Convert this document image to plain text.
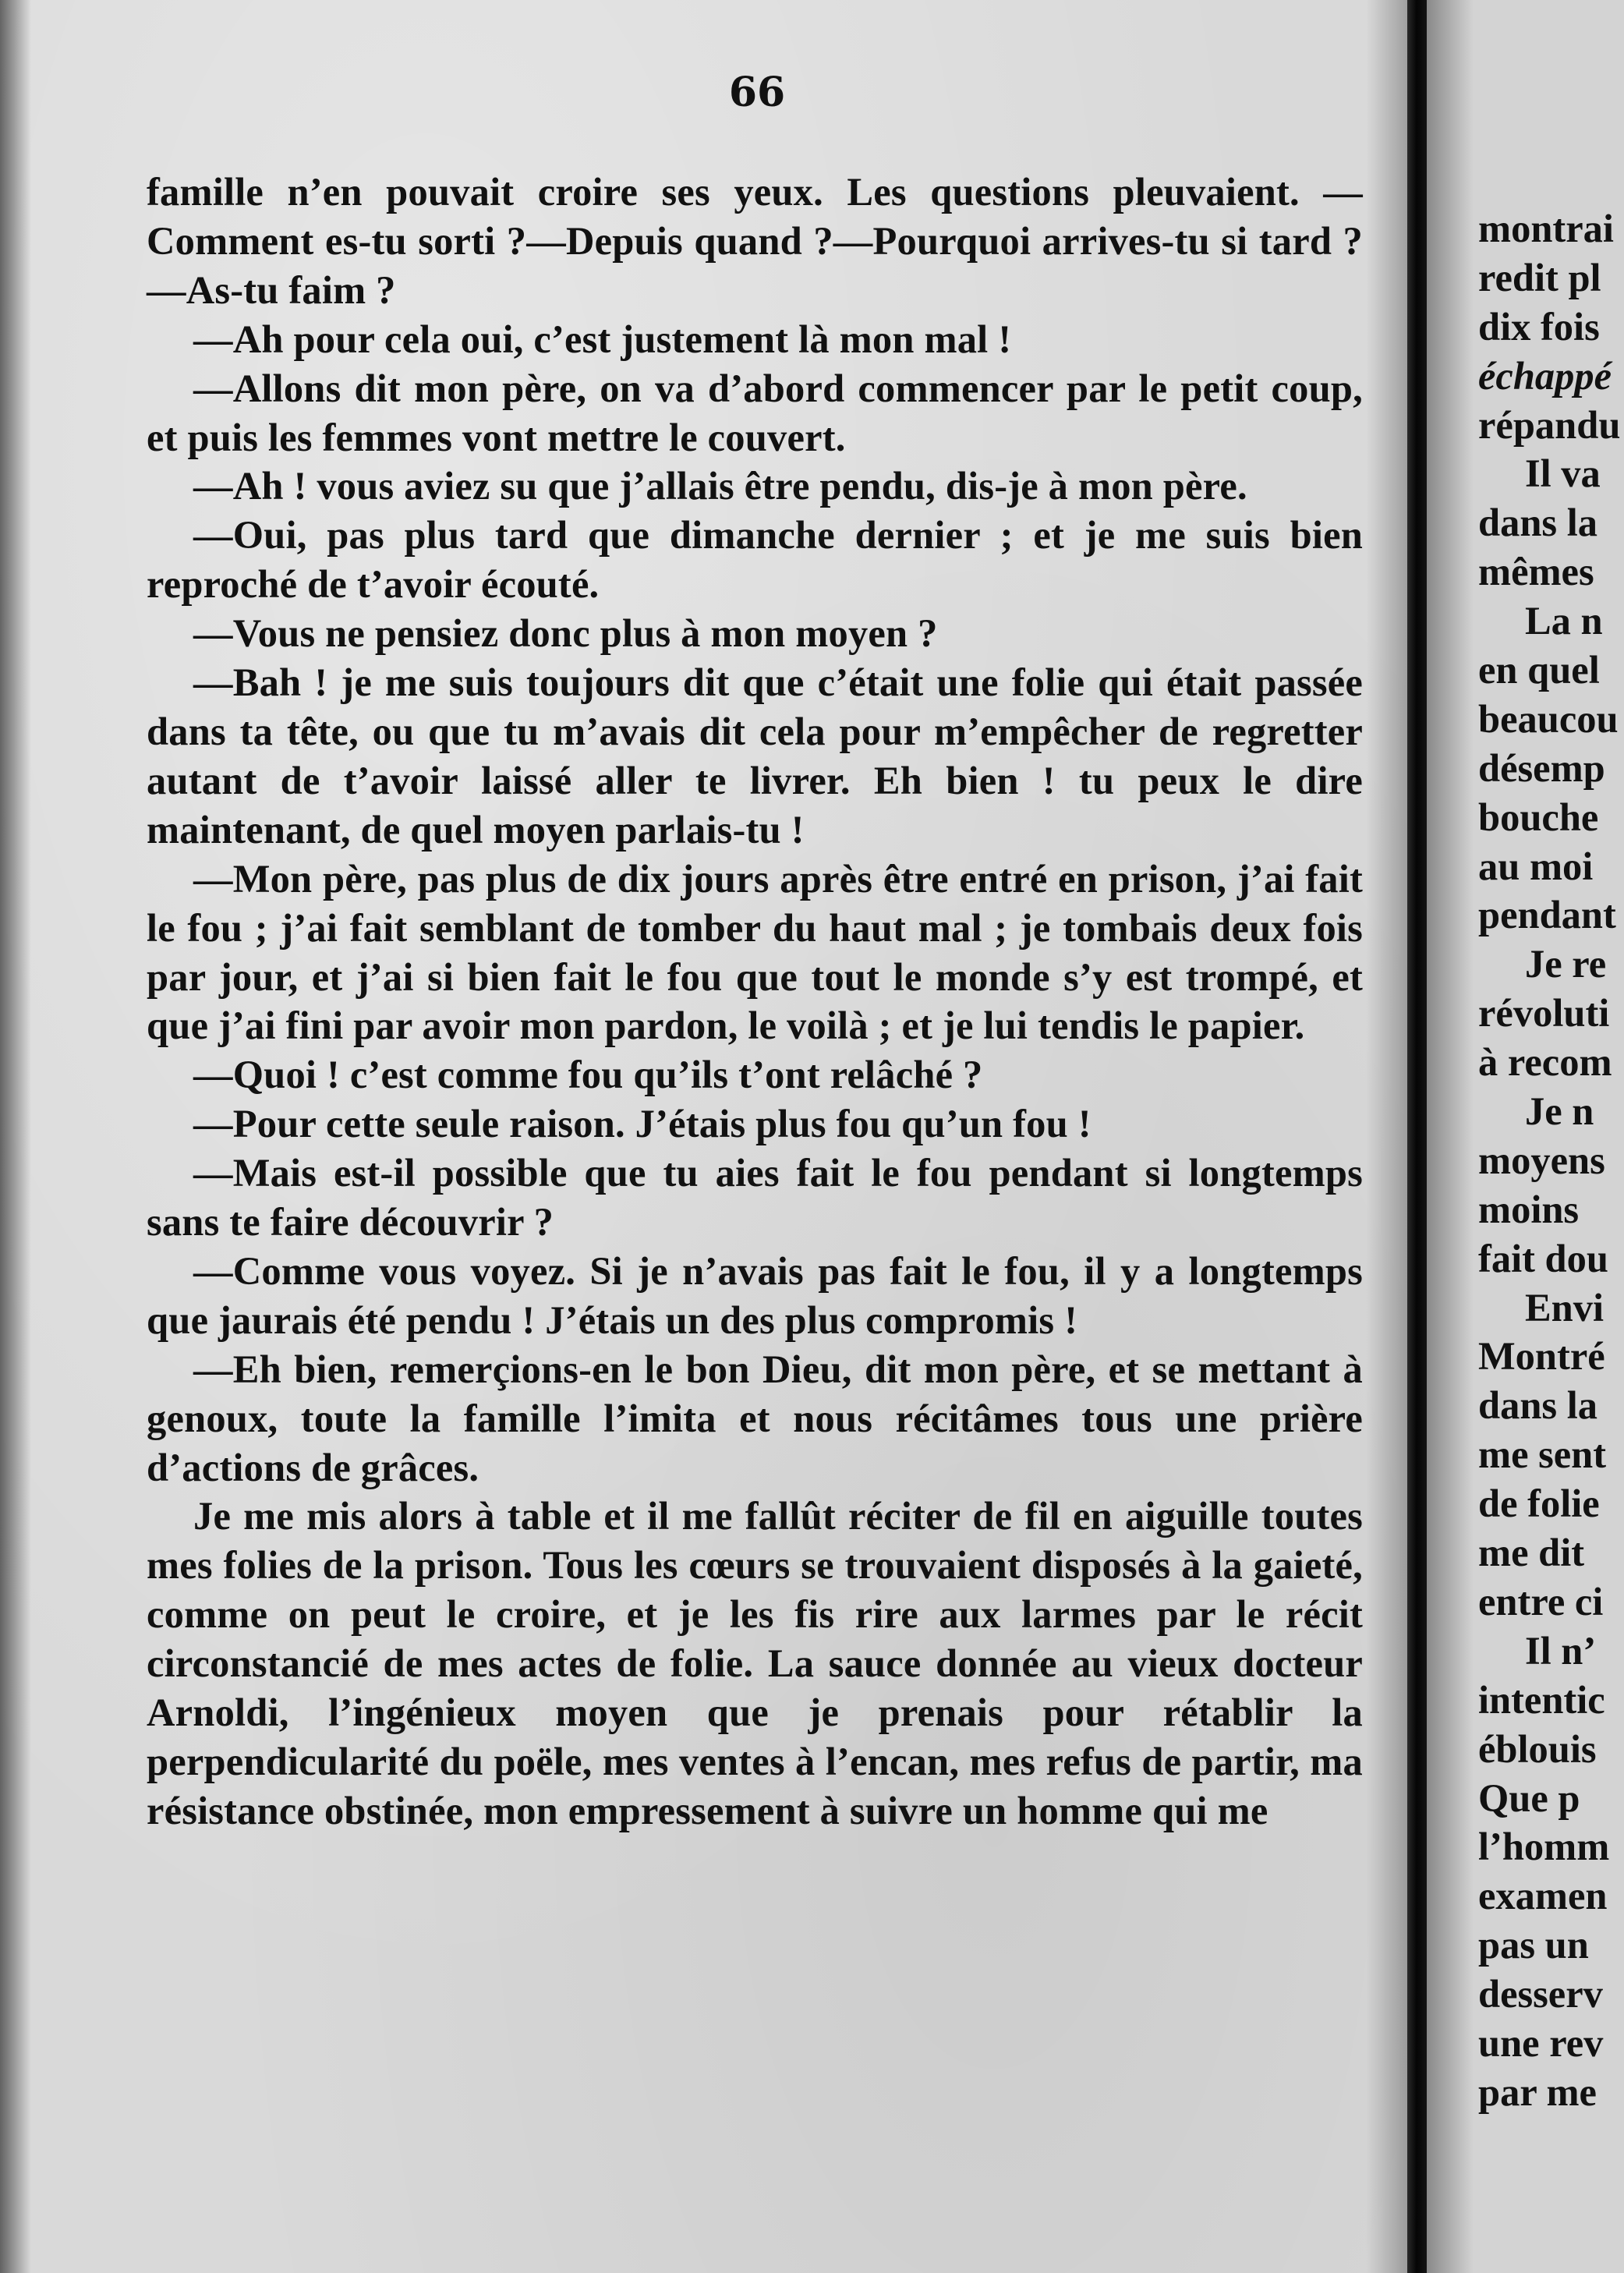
66

famille n’en pouvait croire ses yeux. Les questions pleuvaient. —Comment es-tu sorti ?—Depuis quand ?—Pourquoi arrives-tu si tard ?—As-tu faim ?

—Ah pour cela oui, c’est justement là mon mal !

—Allons dit mon père, on va d’abord commencer par le petit coup, et puis les femmes vont mettre le couvert.

—Ah ! vous aviez su que j’allais être pendu, dis-je à mon père.

—Oui, pas plus tard que dimanche dernier ; et je me suis bien reproché de t’avoir écouté.

—Vous ne pensiez donc plus à mon moyen ?

—Bah ! je me suis toujours dit que c’était une folie qui était passée dans ta tête, ou que tu m’avais dit cela pour m’empêcher de regretter autant de t’avoir laissé aller te livrer. Eh bien ! tu peux le dire maintenant, de quel moyen parlais-tu !

—Mon père, pas plus de dix jours après être entré en prison, j’ai fait le fou ; j’ai fait semblant de tomber du haut mal ; je tombais deux fois par jour, et j’ai si bien fait le fou que tout le monde s’y est trompé, et que j’ai fini par avoir mon pardon, le voilà ; et je lui tendis le papier.

—Quoi ! c’est comme fou qu’ils t’ont relâché ?

—Pour cette seule raison. J’étais plus fou qu’un fou !

—Mais est-il possible que tu aies fait le fou pendant si longtemps sans te faire découvrir ?

—Comme vous voyez. Si je n’avais pas fait le fou, il y a longtemps que jaurais été pendu ! J’étais un des plus compromis !

—Eh bien, remerçions-en le bon Dieu, dit mon père, et se mettant à genoux, toute la famille l’imita et nous récitâmes tous une prière d’actions de grâces.

Je me mis alors à table et il me fallût réciter de fil en aiguille toutes mes folies de la prison. Tous les cœurs se trouvaient disposés à la gaieté, comme on peut le croire, et je les fis rire aux larmes par le récit circonstancié de mes actes de folie. La sauce donnée au vieux docteur Arnoldi, l’ingénieux moyen que je prenais pour rétablir la perpendicularité du poële, mes ventes à l’encan, mes refus de partir, ma résistance obstinée, mon empressement à suivre un homme qui me

montrai
redit pl
dix fois
échappé
répandu
Il va
dans la
mêmes
La n
en quel
beaucou
désemp
bouche
au moi
pendant
Je re
révoluti
à recom
Je n
moyens
moins
fait dou
Envi
Montré
dans la
me sent
de folie
me dit
entre ci
Il n’
intentic
éblouis
Que p
l’homm
examen
pas un
desserv
une rev
par me
